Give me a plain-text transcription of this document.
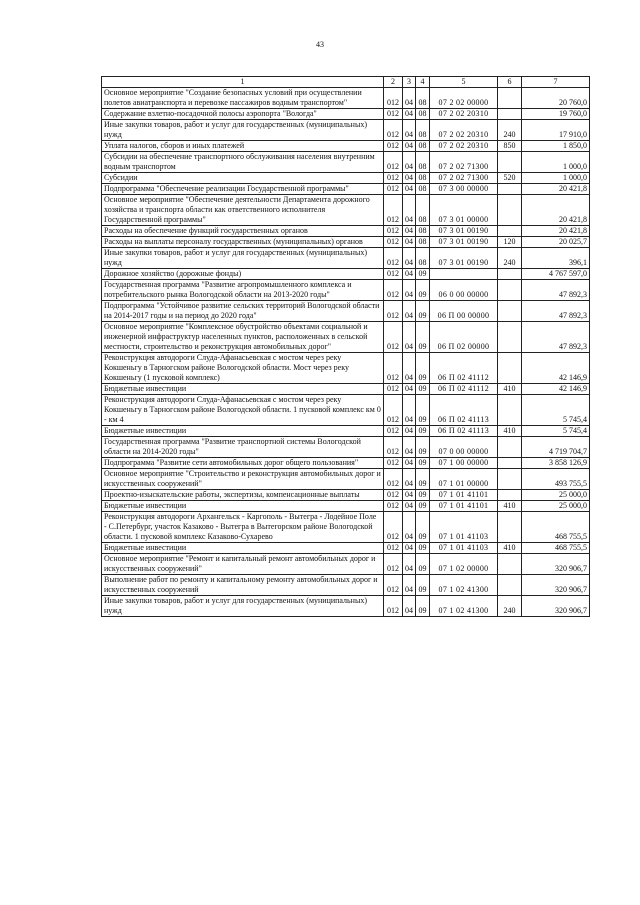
43
1	2	3	4	5	6	7
Основное мероприятие "Создание безопасных условий при осуществлении полетов авиатранспорта и перевозке пассажиров водным транспортом"	012	04	08	07 2 02 00000		20 760,0
Содержание взлетно-посадочной полосы аэропорта "Вологда"	012	04	08	07 2 02 20310		19 760,0
Иные закупки товаров, работ и услуг для государственных (муниципальных) нужд	012	04	08	07 2 02 20310	240	17 910,0
Уплата налогов, сборов и иных платежей	012	04	08	07 2 02 20310	850	1 850,0
Субсидии на обеспечение транспортного обслуживания населения внутренним водным транспортом	012	04	08	07 2 02 71300		1 000,0
Субсидии	012	04	08	07 2 02 71300	520	1 000,0
Подпрограмма "Обеспечение реализации Государственной программы"	012	04	08	07 3 00 00000		20 421,8
Основное мероприятие "Обеспечение деятельности Департамента дорожного хозяйства и транспорта области как ответственного исполнителя Государственной программы"	012	04	08	07 3 01 00000		20 421,8
Расходы на обеспечение функций государственных органов	012	04	08	07 3 01 00190		20 421,8
Расходы на выплаты персоналу государственных (муниципальных) органов	012	04	08	07 3 01 00190	120	20 025,7
Иные закупки товаров, работ и услуг для государственных (муниципальных) нужд	012	04	08	07 3 01 00190	240	396,1
Дорожное хозяйство (дорожные фонды)	012	04	09			4 767 597,0
Государственная программа "Развитие агропромышленного комплекса и потребительского рынка Вологодской области на 2013-2020 годы"	012	04	09	06 0 00 00000		47 892,3
Подпрограмма "Устойчивое развитие сельских территорий Вологодской области на 2014-2017 годы и на период до 2020 года"	012	04	09	06 П 00 00000		47 892,3
Основное мероприятие "Комплексное обустройство объектами социальной и инженерной инфраструктур населенных пунктов, расположенных в сельской местности, строительство и реконструкция автомобильных дорог"	012	04	09	06 П 02 00000		47 892,3
Реконструкция автодороги Слуда-Афанасьевская с мостом через реку Кокшеньгу в Тарногском районе Вологодской области. Мост через реку Кокшеньгу (1 пусковой комплекс)	012	04	09	06 П 02 41112		42 146,9
Бюджетные инвестиции	012	04	09	06 П 02 41112	410	42 146,9
Реконструкция автодороги Слуда-Афанасьевская с мостом через реку Кокшеньгу в Тарногском районе Вологодской области. 1 пусковой комплекс км 0 - км 4	012	04	09	06 П 02 41113		5 745,4
Бюджетные инвестиции	012	04	09	06 П 02 41113	410	5 745,4
Государственная программа "Развитие транспортной системы Вологодской области на 2014-2020 годы"	012	04	09	07 0 00 00000		4 719 704,7
Подпрограмма "Развитие сети автомобильных дорог общего пользования"	012	04	09	07 1 00 00000		3 858 126,9
Основное мероприятие "Строительство и реконструкция автомобильных дорог и искусственных сооружений"	012	04	09	07 1 01 00000		493 755,5
Проектно-изыскательские работы, экспертизы, компенсационные выплаты	012	04	09	07 1 01 41101		25 000,0
Бюджетные инвестиции	012	04	09	07 1 01 41101	410	25 000,0
Реконструкция автодороги Архангельск - Каргополь - Вытегра - Лодейное Поле - С.Петербург, участок Казаково - Вытегра в Вытегорском районе Вологодской области. 1 пусковой комплекс Казаково-Сухарево	012	04	09	07 1 01 41103		468 755,5
Бюджетные инвестиции	012	04	09	07 1 01 41103	410	468 755,5
Основное мероприятие "Ремонт и капитальный ремонт автомобильных дорог и искусственных сооружений"	012	04	09	07 1 02 00000		320 906,7
Выполнение работ по ремонту и капитальному ремонту автомобильных дорог и искусственных сооружений	012	04	09	07 1 02 41300		320 906,7
Иные закупки товаров, работ и услуг для государственных (муниципальных) нужд	012	04	09	07 1 02 41300	240	320 906,7
